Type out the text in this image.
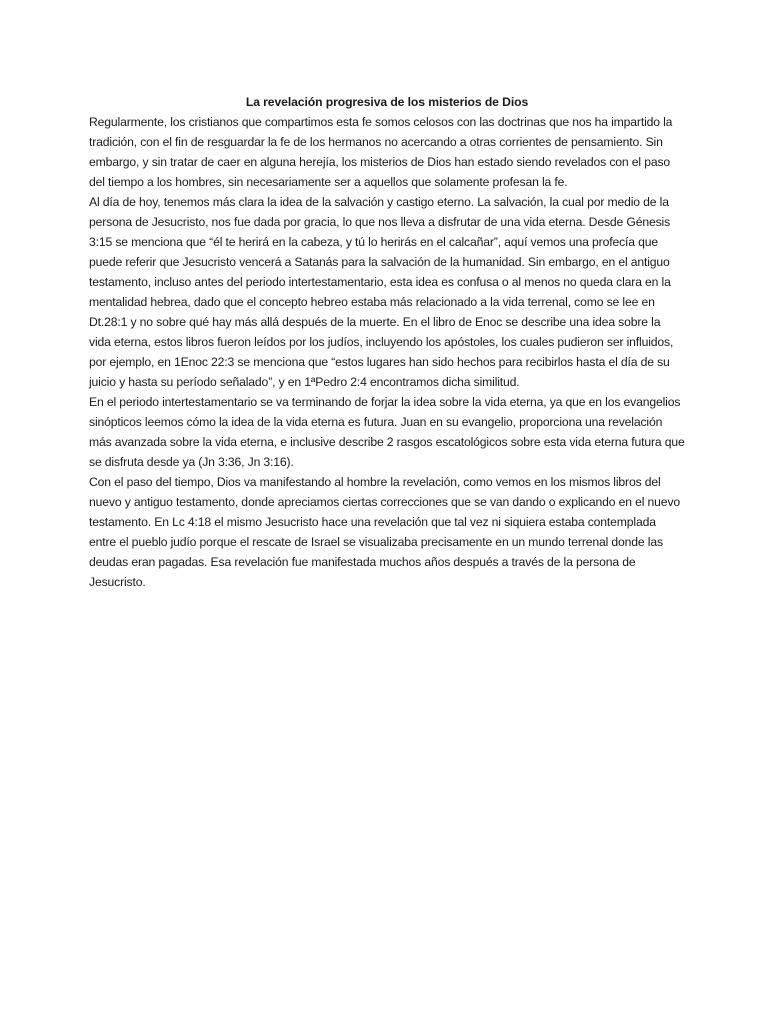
La revelación progresiva de los misterios de Dios

Regularmente, los cristianos que compartimos esta fe somos celosos con las doctrinas que nos ha impartido la tradición, con el fin de resguardar la fe de los hermanos no acercando a otras corrientes de pensamiento. Sin embargo, y sin tratar de caer en alguna herejía, los misterios de Dios han estado siendo revelados con el paso del tiempo a los hombres, sin necesariamente ser a aquellos que solamente profesan la fe.

Al día de hoy, tenemos más clara la idea de la salvación y castigo eterno. La salvación, la cual por medio de la persona de Jesucristo, nos fue dada por gracia, lo que nos lleva a disfrutar de una vida eterna. Desde Génesis 3:15 se menciona que “él te herirá en la cabeza, y tú lo herirás en el calcañar”, aquí vemos una profecía que puede referir que Jesucristo vencerá a Satanás para la salvación de la humanidad. Sin embargo, en el antiguo testamento, incluso antes del periodo intertestamentario, esta idea es confusa o al menos no queda clara en la mentalidad hebrea, dado que el concepto hebreo estaba más relacionado a la vida terrenal, como se lee en Dt.28:1 y no sobre qué hay más allá después de la muerte. En el libro de Enoc se describe una idea sobre la vida eterna, estos libros fueron leídos por los judíos, incluyendo los apóstoles, los cuales pudieron ser influidos, por ejemplo, en 1Enoc 22:3 se menciona que “estos lugares han sido hechos para recibirlos hasta el día de su juicio y hasta su período señalado”, y en 1ªPedro 2:4 encontramos dicha similitud.

En el periodo intertestamentario se va terminando de forjar la idea sobre la vida eterna, ya que en los evangelios sinópticos leemos cómo la idea de la vida eterna es futura. Juan en su evangelio, proporciona una revelación más avanzada sobre la vida eterna, e inclusive describe 2 rasgos escatológicos sobre esta vida eterna futura que se disfruta desde ya (Jn 3:36, Jn 3:16).

Con el paso del tiempo, Dios va manifestando al hombre la revelación, como vemos en los mismos libros del nuevo y antiguo testamento, donde apreciamos ciertas correcciones que se van dando o explicando en el nuevo testamento. En Lc 4:18 el mismo Jesucristo hace una revelación que tal vez ni siquiera estaba contemplada entre el pueblo judío porque el rescate de Israel se visualizaba precisamente en un mundo terrenal donde las deudas eran pagadas. Esa revelación fue manifestada muchos años después a través de la persona de Jesucristo.
